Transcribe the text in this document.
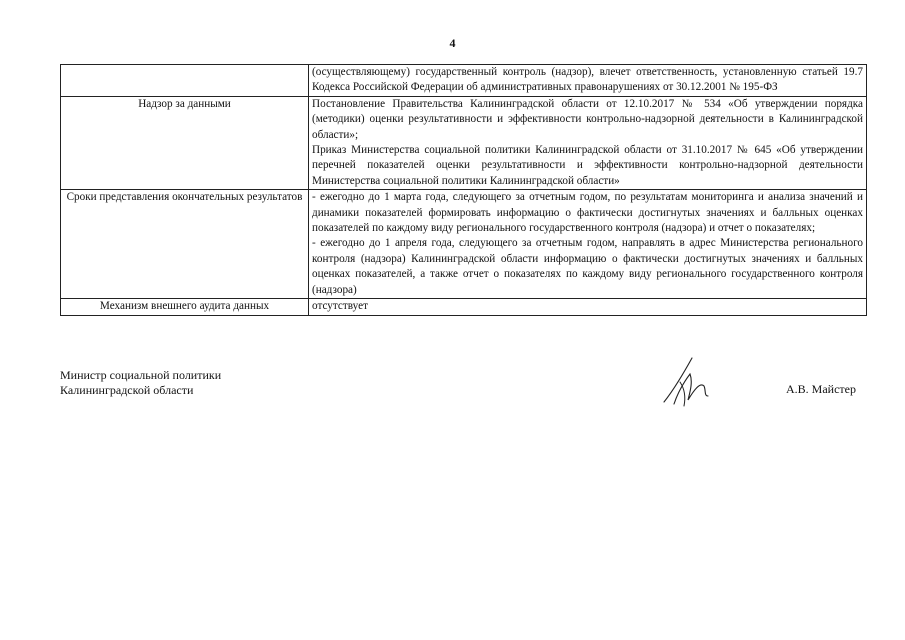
4

	(осуществляющему) государственный контроль (надзор), влечет ответственность, установленную статьей 19.7 Кодекса Российской Федерации об административных правонарушениях от 30.12.2001 № 195-ФЗ

Надзор за данными	Постановление Правительства Калининградской области от 12.10.2017 № 534 «Об утверждении порядка (методики) оценки результативности и эффективности контрольно-надзорной деятельности в Калининградской области»;
Приказ Министерства социальной политики Калининградской области от 31.10.2017 № 645 «Об утверждении перечней показателей оценки результативности и эффективности контрольно-надзорной деятельности Министерства социальной политики Калининградской области»

Сроки представления окончательных результатов	- ежегодно до 1 марта года, следующего за отчетным годом, по результатам мониторинга и анализа значений и динамики показателей формировать информацию о фактически достигнутых значениях и балльных оценках показателей по каждому виду регионального государственного контроля (надзора) и отчет о показателях;
- ежегодно до 1 апреля года, следующего за отчетным годом, направлять в адрес Министерства регионального контроля (надзора) Калининградской области информацию о фактически достигнутых значениях и балльных оценках показателей, а также отчет о показателях по каждому виду регионального государственного контроля (надзора)

Механизм внешнего аудита данных	отсутствует
Министр социальной политики
Калининградской области	А.В. Майстер
